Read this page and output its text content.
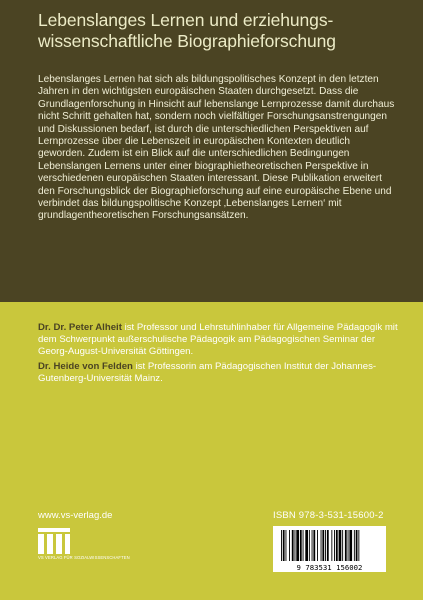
Lebenslanges Lernen und erziehungswissenschaftliche Biographieforschung

Lebenslanges Lernen hat sich als bildungspolitisches Konzept in den letzten Jahren in den wichtigsten europäischen Staaten durchgesetzt. Dass die Grundlagenforschung in Hinsicht auf lebenslange Lernprozesse damit durchaus nicht Schritt gehalten hat, sondern noch vielfältiger Forschungsanstrengungen und Diskussionen bedarf, ist durch die unterschiedlichen Perspektiven auf Lernprozesse über die Lebenszeit in europäischen Kontexten deutlich geworden. Zudem ist ein Blick auf die unterschiedlichen Bedingungen Lebenslangen Lernens unter einer biographietheoretischen Perspektive in verschiedenen europäischen Staaten interessant. Diese Publikation erweitert den Forschungsblick der Biographieforschung auf eine europäische Ebene und verbindet das bildungspolitische Konzept ‚Lebenslanges Lernen‘ mit grundlagentheoretischen Forschungsansätzen.

Dr. Dr. Peter Alheit ist Professor und Lehrstuhlinhaber für Allgemeine Pädagogik mit dem Schwerpunkt außerschulische Pädagogik am Pädagogischen Seminar der Georg-August-Universität Göttingen.

Dr. Heide von Felden ist Professorin am Pädagogischen Institut der Johannes-Gutenberg-Universität Mainz.

www.vs-verlag.de	ISBN 978-3-531-15600-2
VS VERLAG FÜR SOZIALWISSENSCHAFTEN
9 783531 156002
